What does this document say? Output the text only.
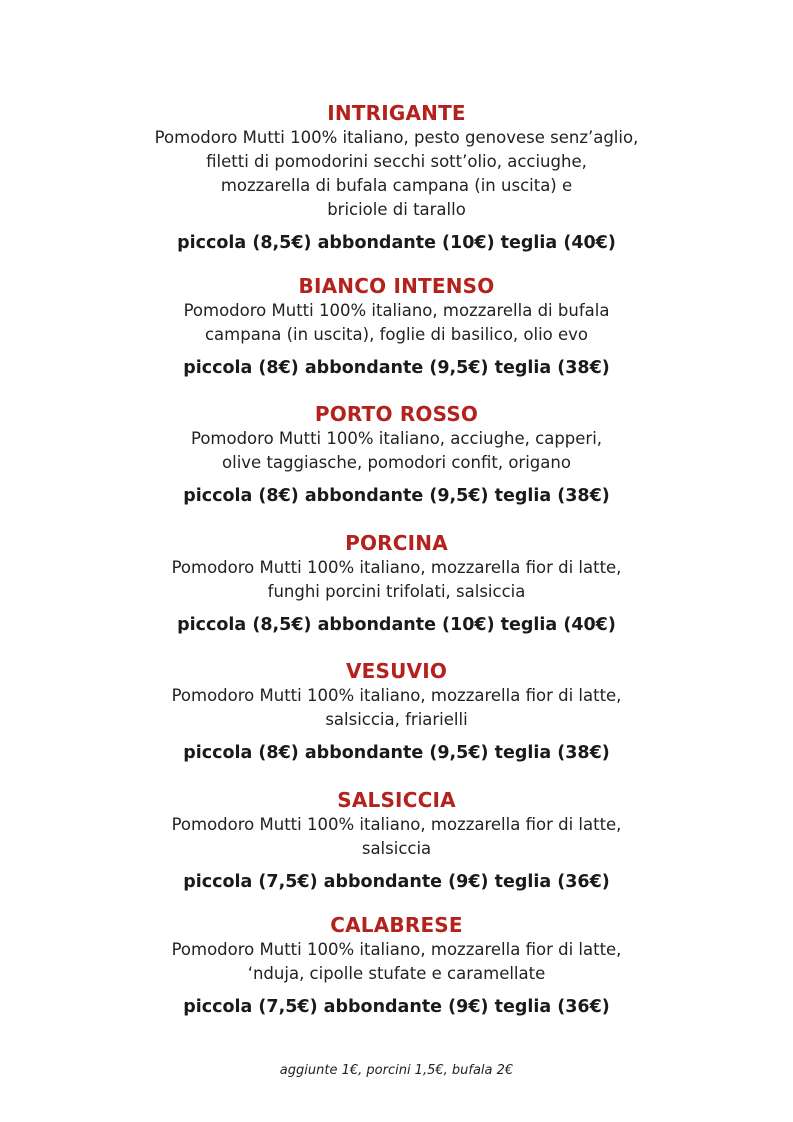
INTRIGANTE

Pomodoro Mutti 100% italiano, pesto genovese senz’aglio,
filetti di pomodorini secchi sott’olio, acciughe,
mozzarella di bufala campana (in uscita) e
briciole di tarallo

piccola (8,5€) abbondante (10€) teglia (40€)
BIANCO INTENSO

Pomodoro Mutti 100% italiano, mozzarella di bufala
campana (in uscita), foglie di basilico, olio evo

piccola (8€) abbondante (9,5€) teglia (38€)
PORTO ROSSO

Pomodoro Mutti 100% italiano, acciughe, capperi,
olive taggiasche, pomodori confit, origano

piccola (8€) abbondante (9,5€) teglia (38€)
PORCINA

Pomodoro Mutti 100% italiano, mozzarella fior di latte,
funghi porcini trifolati, salsiccia

piccola (8,5€) abbondante (10€) teglia (40€)
VESUVIO

Pomodoro Mutti 100% italiano, mozzarella fior di latte,
salsiccia, friarielli

piccola (8€) abbondante (9,5€) teglia (38€)
SALSICCIA

Pomodoro Mutti 100% italiano, mozzarella fior di latte,
salsiccia

piccola (7,5€) abbondante (9€) teglia (36€)
CALABRESE

Pomodoro Mutti 100% italiano, mozzarella fior di latte,
‘nduja, cipolle stufate e caramellate

piccola (7,5€) abbondante (9€) teglia (36€)
aggiunte 1€, porcini 1,5€, bufala 2€
